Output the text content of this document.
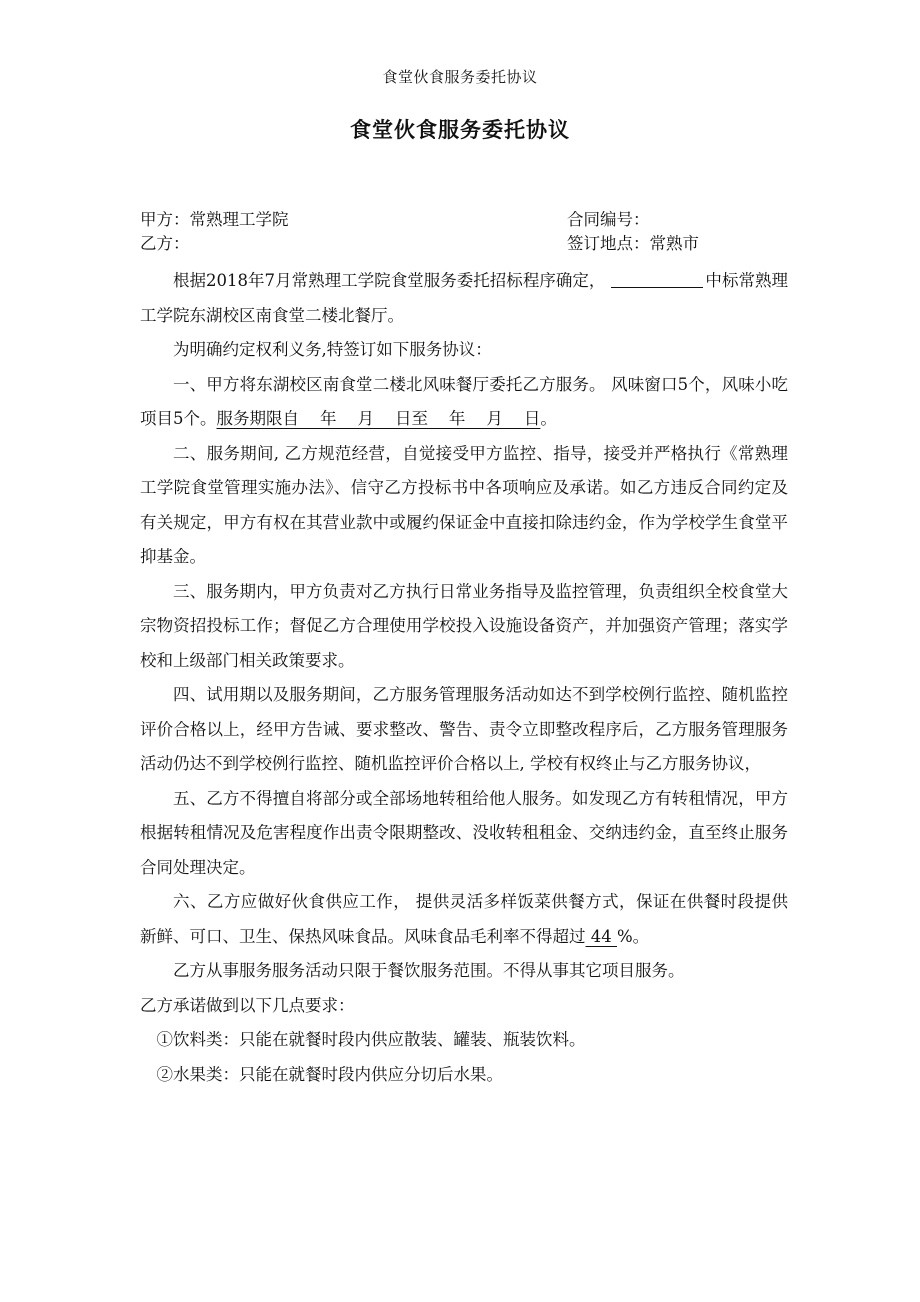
食堂伙食服务委托协议
食堂伙食服务委托协议
甲方：常熟理工学院	合同编号：
乙方：	签订地点：常熟市

根据2018年7月常熟理工学院食堂服务委托招标程序确定，	中标常熟理工学院东湖校区南食堂二楼北餐厅。

为明确约定权利义务,特签订如下服务协议：

一、甲方将东湖校区南食堂二楼北风味餐厅委托乙方服务。 风味窗口5个，风味小吃项目5个。服务期限自    年    月    日至    年    月    日。

二、服务期间, 乙方规范经营，自觉接受甲方监控、指导，接受并严格执行《常熟理工学院食堂管理实施办法》、信守乙方投标书中各项响应及承诺。如乙方违反合同约定及有关规定，甲方有权在其营业款中或履约保证金中直接扣除违约金，作为学校学生食堂平抑基金。

三、服务期内，甲方负责对乙方执行日常业务指导及监控管理，负责组织全校食堂大宗物资招投标工作；督促乙方合理使用学校投入设施设备资产，并加强资产管理；落实学校和上级部门相关政策要求。

四、试用期以及服务期间，乙方服务管理服务活动如达不到学校例行监控、随机监控评价合格以上，经甲方告诫、要求整改、警告、责令立即整改程序后，乙方服务管理服务活动仍达不到学校例行监控、随机监控评价合格以上, 学校有权终止与乙方服务协议，

五、乙方不得擅自将部分或全部场地转租给他人服务。如发现乙方有转租情况，甲方根据转租情况及危害程度作出责令限期整改、没收转租租金、交纳违约金，直至终止服务合同处理决定。

六、乙方应做好伙食供应工作， 提供灵活多样饭菜供餐方式，保证在供餐时段提供新鲜、可口、卫生、保热风味食品。风味食品毛利率不得超过 44 %。

乙方从事服务服务活动只限于餐饮服务范围。不得从事其它项目服务。

乙方承诺做到以下几点要求：

①饮料类：只能在就餐时段内供应散装、罐装、瓶装饮料。

②水果类：只能在就餐时段内供应分切后水果。
